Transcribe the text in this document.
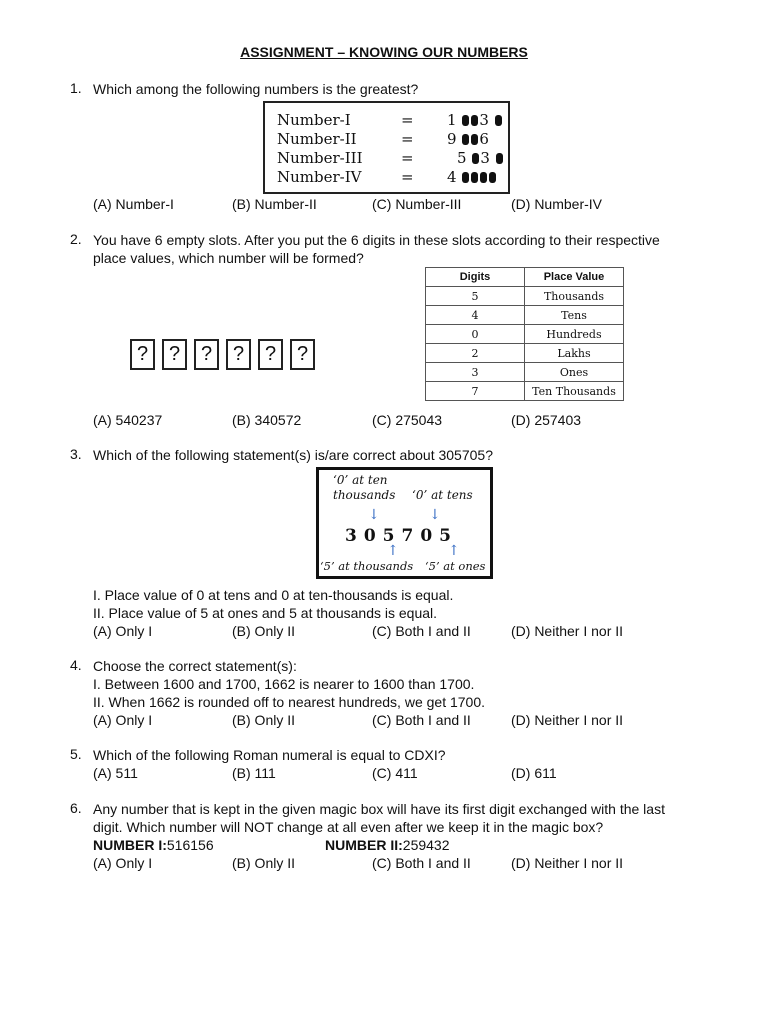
ASSIGNMENT – KNOWING OUR NUMBERS
1. Which among the following numbers is the greatest?
Number-I	= 1 3
Number-II	= 9 6
Number-III	=	5 3
Number-IV	= 4
(A) Number-I	(B) Number-II	(C) Number-III	(D) Number-IV
2. You have 6 empty slots. After you put the 6 digits in these slots according to their respective
place values, which number will be formed?
? ? ? ? ? ?
Digits	Place Value
5	Thousands
4	Tens
0	Hundreds
2	Lakhs
3	Ones
7	Ten Thousands
(A) 540237	(B) 340572	(C) 275043	(D) 257403
3. Which of the following statement(s) is/are correct about 305705?
‘0’ at ten
thousands ‘0’ at tens
↓	↓
305705
↑	↑
‘5’ at thousands ‘5’ at ones
I. Place value of 0 at tens and 0 at ten-thousands is equal.
II. Place value of 5 at ones and 5 at thousands is equal.
(A) Only I	(B) Only II	(C) Both I and II	(D) Neither I nor II
4. Choose the correct statement(s):
I. Between 1600 and 1700, 1662 is nearer to 1600 than 1700.
II. When 1662 is rounded off to nearest hundreds, we get 1700.
(A) Only I	(B) Only II	(C) Both I and II	(D) Neither I nor II
5. Which of the following Roman numeral is equal to CDXI?
(A) 511	(B) 111	(C) 411	(D) 611
6. Any number that is kept in the given magic box will have its first digit exchanged with the last
digit. Which number will NOT change at all even after we keep it in the magic box?
NUMBER I: 516156	NUMBER II: 259432
(A) Only I	(B) Only II	(C) Both I and II	(D) Neither I nor II
